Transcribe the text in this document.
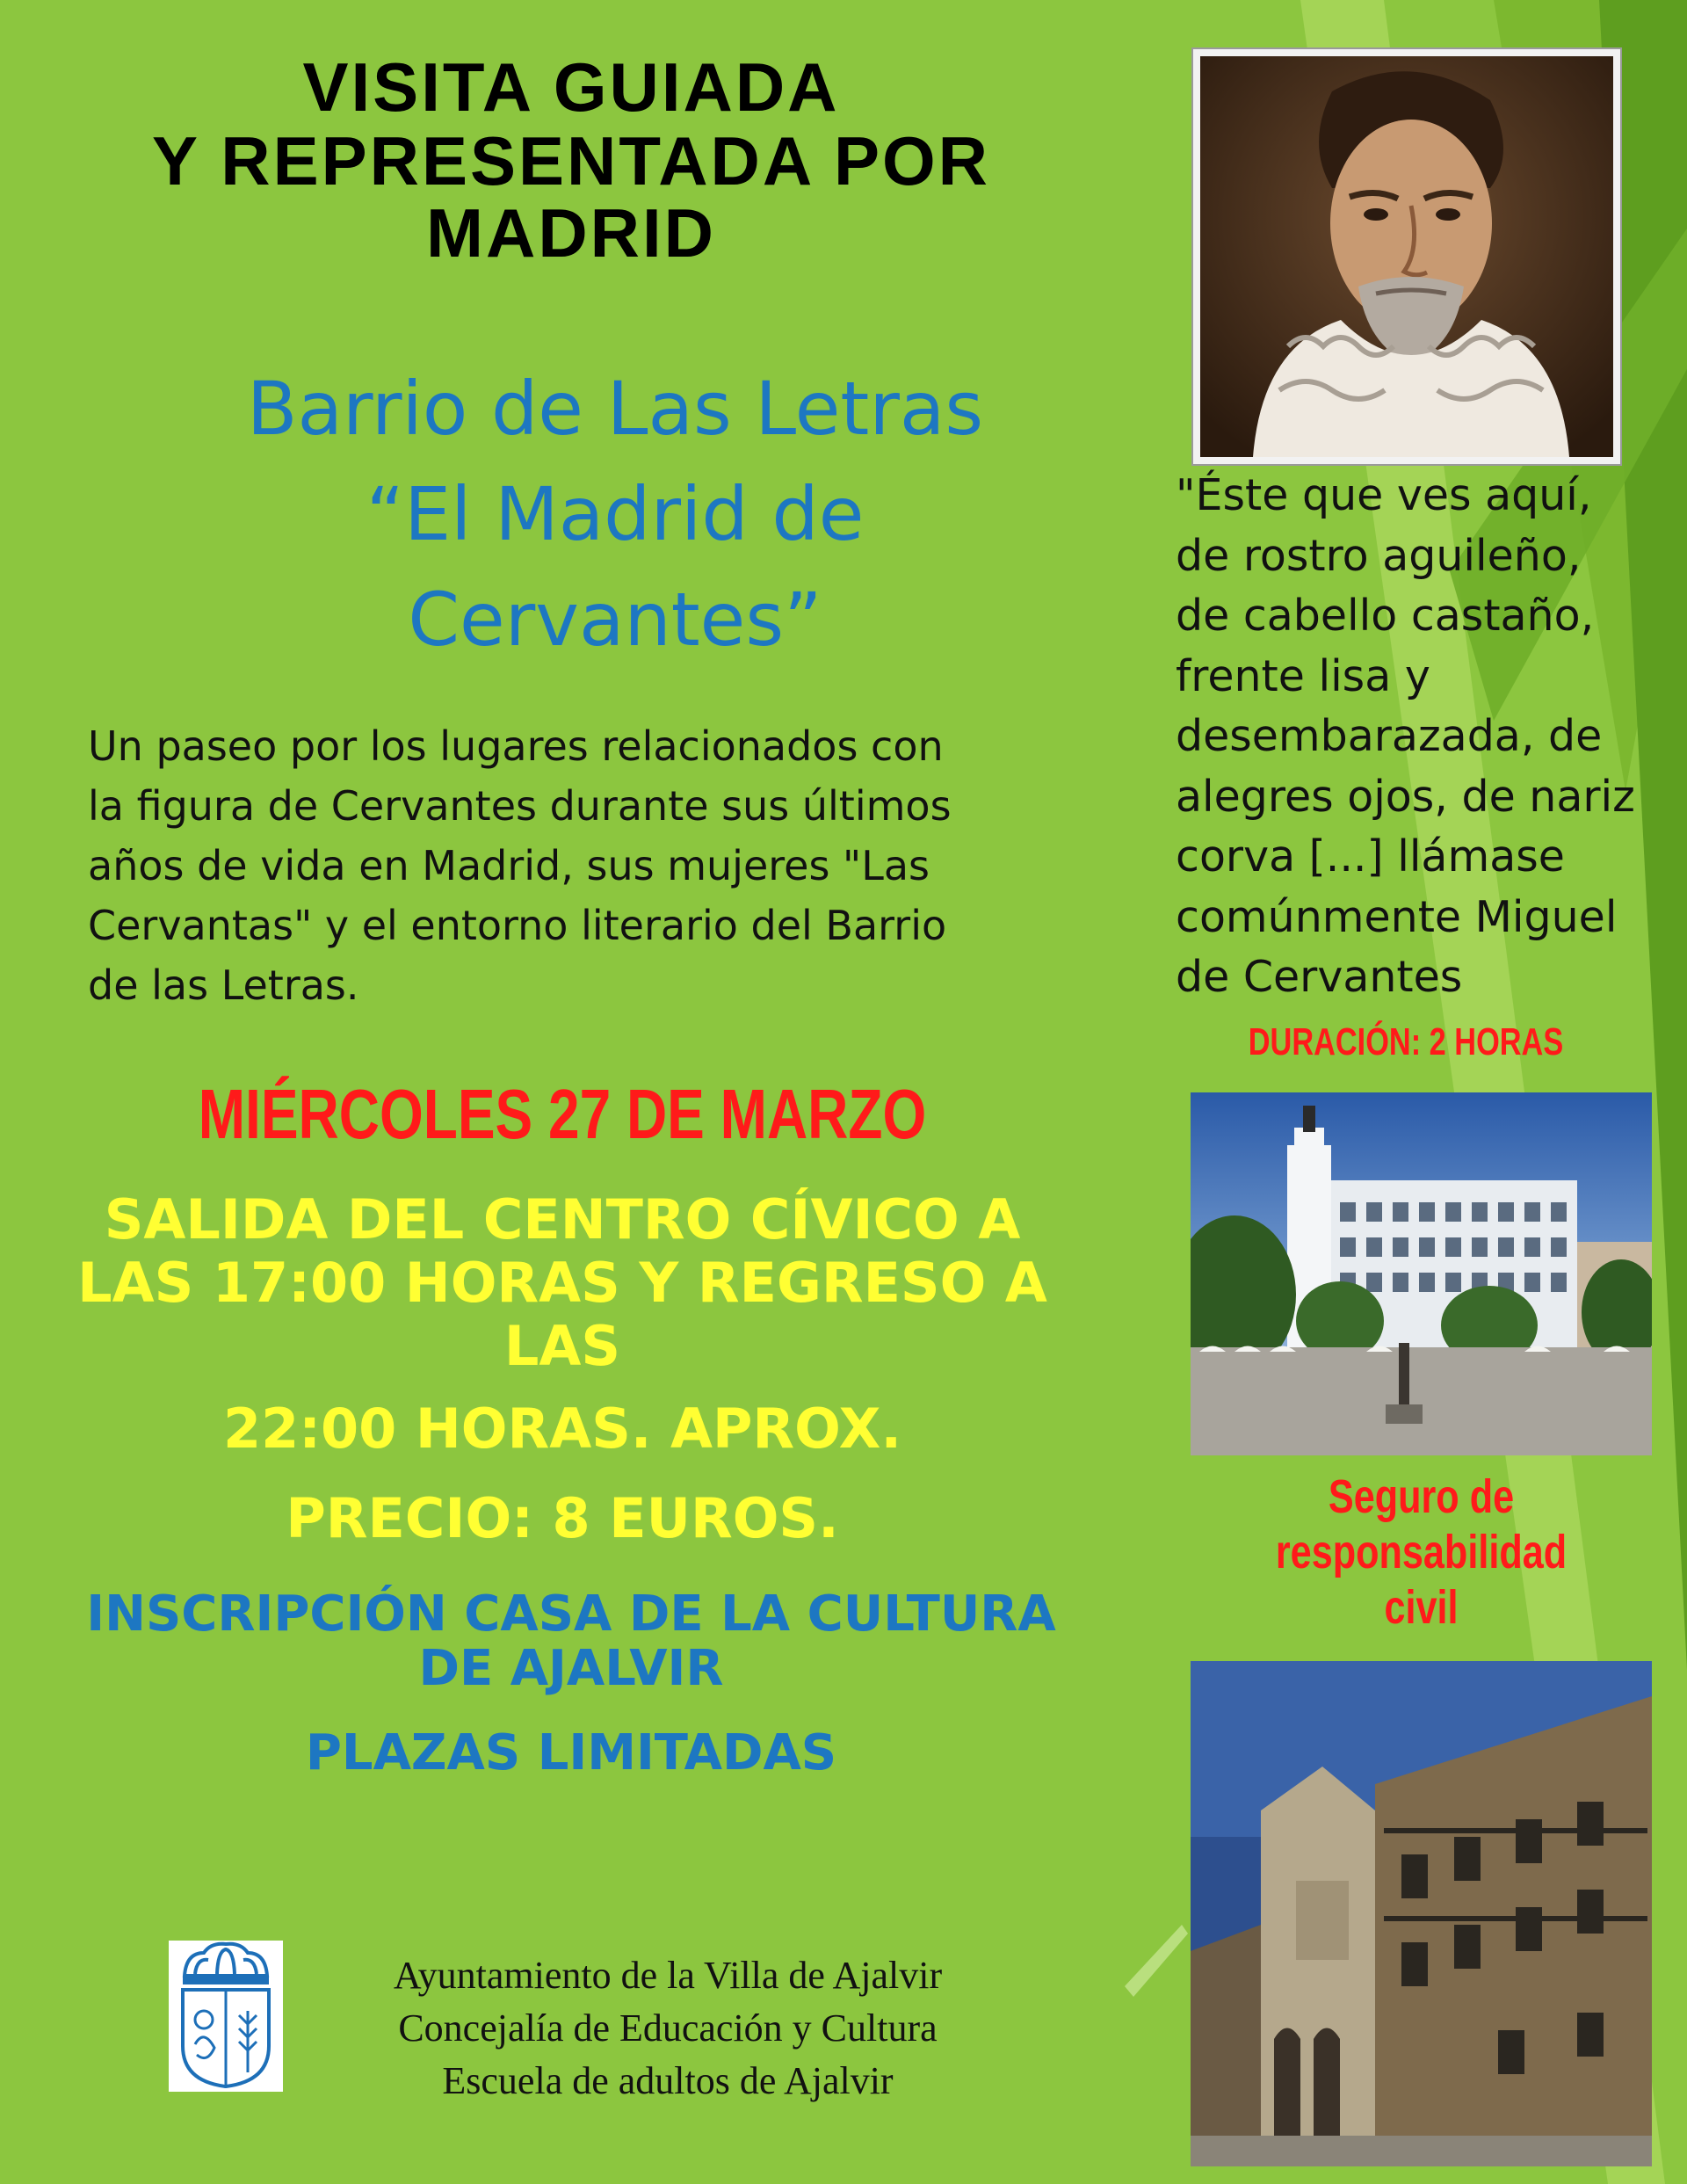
VISITA GUIADA
Y REPRESENTADA POR
MADRID
Barrio de Las Letras
“El Madrid de
Cervantes”
Un paseo por los lugares relacionados con
la figura de Cervantes durante sus últimos
años de vida en Madrid, sus mujeres "Las
Cervantas" y el entorno literario del Barrio
de las Letras.
MIÉRCOLES 27 DE MARZO
SALIDA DEL CENTRO CÍVICO A
LAS 17:00 HORAS Y REGRESO A
LAS
22:00 HORAS. APROX.
PRECIO: 8 EUROS.
INSCRIPCIÓN CASA DE LA CULTURA
DE AJALVIR
PLAZAS LIMITADAS
Ayuntamiento de la Villa de Ajalvir
Concejalía de Educación y Cultura
Escuela de adultos de Ajalvir
"Éste que ves aquí,
de rostro aguileño,
de cabello castaño,
frente lisa y
desembarazada, de
alegres ojos, de nariz
corva [...] llámase
comúnmente Miguel
de Cervantes
DURACIÓN: 2 HORAS
Seguro de
responsabilidad
civil
